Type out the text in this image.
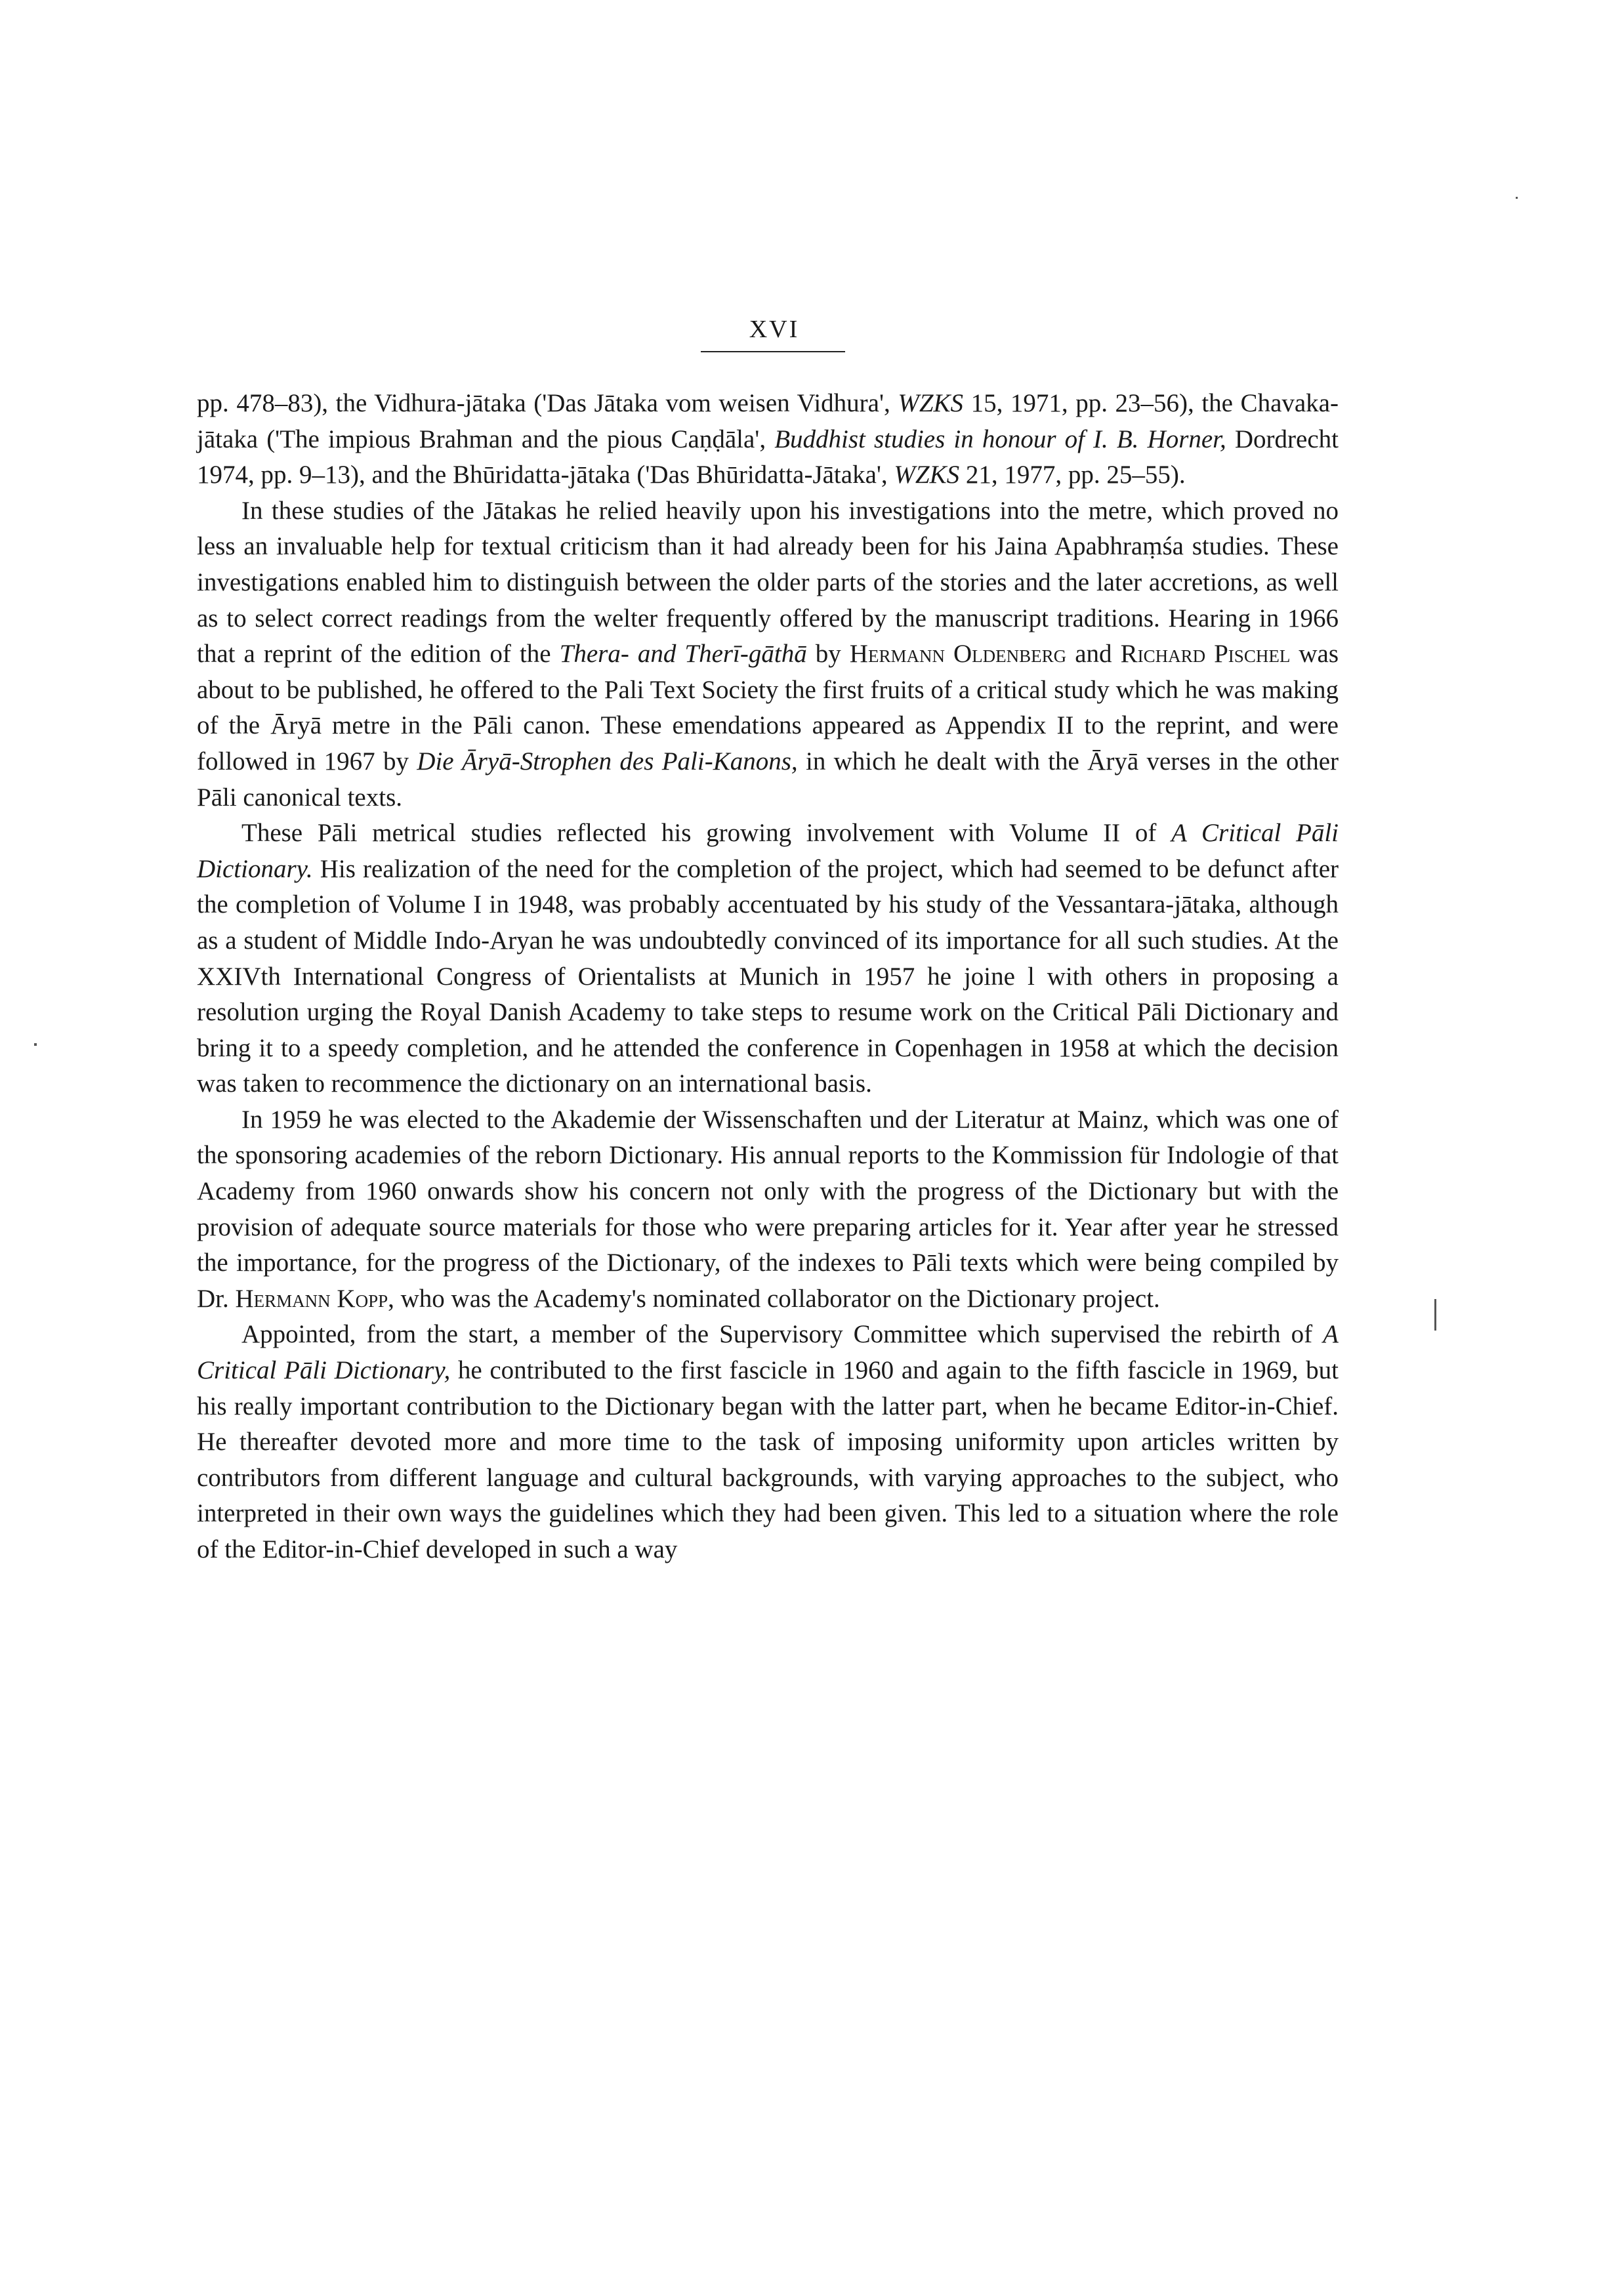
XVI

pp. 478–83), the Vidhura-jātaka ('Das Jātaka vom weisen Vidhura', WZKS 15, 1971, pp. 23–56), the Chavaka-jātaka ('The impious Brahman and the pious Caṇḍāla', Buddhist studies in honour of I. B. Horner, Dordrecht 1974, pp. 9–13), and the Bhūridatta-jātaka ('Das Bhūridatta-Jātaka', WZKS 21, 1977, pp. 25–55).

In these studies of the Jātakas he relied heavily upon his investigations into the metre, which proved no less an invaluable help for textual criticism than it had already been for his Jaina Apabhraṃśa studies. These investigations enabled him to distinguish between the older parts of the stories and the later accretions, as well as to select correct readings from the welter frequently offered by the manuscript traditions. Hearing in 1966 that a reprint of the edition of the Thera- and Therī-gāthā by Hermann Oldenberg and Richard Pischel was about to be published, he offered to the Pali Text Society the first fruits of a critical study which he was making of the Āryā metre in the Pāli canon. These emendations appeared as Appendix II to the reprint, and were followed in 1967 by Die Āryā-Strophen des Pali-Kanons, in which he dealt with the Āryā verses in the other Pāli canonical texts.

These Pāli metrical studies reflected his growing involvement with Volume II of A Critical Pāli Dictionary. His realization of the need for the completion of the project, which had seemed to be defunct after the completion of Volume I in 1948, was probably accentuated by his study of the Vessantara-jātaka, although as a student of Middle Indo-Aryan he was undoubtedly convinced of its importance for all such studies. At the XXIVth International Congress of Orientalists at Munich in 1957 he joine l with others in proposing a resolution urging the Royal Danish Academy to take steps to resume work on the Critical Pāli Dictionary and bring it to a speedy completion, and he attended the conference in Copenhagen in 1958 at which the decision was taken to recommence the dictionary on an international basis.

In 1959 he was elected to the Akademie der Wissenschaften und der Literatur at Mainz, which was one of the sponsoring academies of the reborn Dictionary. His annual reports to the Kommission für Indologie of that Academy from 1960 onwards show his concern not only with the progress of the Dictionary but with the provision of adequate source materials for those who were preparing articles for it. Year after year he stressed the importance, for the progress of the Dictionary, of the indexes to Pāli texts which were being compiled by Dr. Hermann Kopp, who was the Academy's nominated collaborator on the Dictionary project.

Appointed, from the start, a member of the Supervisory Committee which supervised the rebirth of A Critical Pāli Dictionary, he contributed to the first fascicle in 1960 and again to the fifth fascicle in 1969, but his really important contribution to the Dictionary began with the latter part, when he became Editor-in-Chief. He thereafter devoted more and more time to the task of imposing uniformity upon articles written by contributors from different language and cultural backgrounds, with varying approaches to the subject, who interpreted in their own ways the guidelines which they had been given. This led to a situation where the role of the Editor-in-Chief developed in such a way
